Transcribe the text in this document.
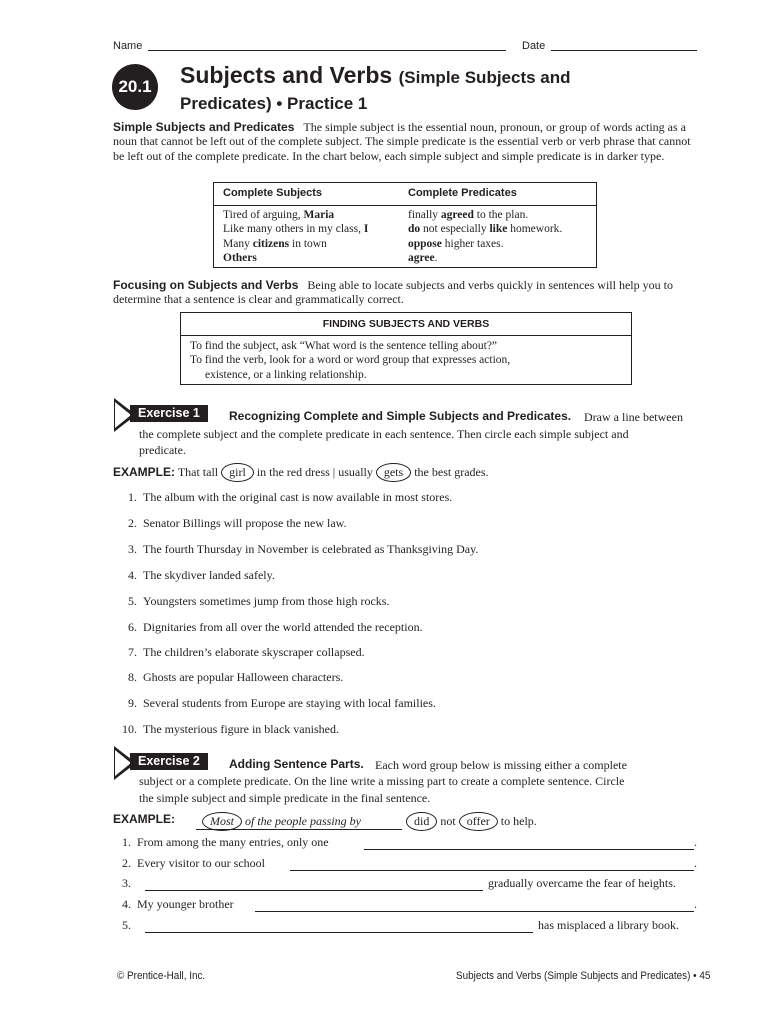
Name	Date
20.1 Subjects and Verbs (Simple Subjects and
Predicates) • Practice 1
Simple Subjects and Predicates The simple subject is the essential noun, pronoun, or group of words acting as a noun that cannot be left out of the complete subject. The simple predicate is the essential verb or verb phrase that cannot be left out of the complete predicate. In the chart below, each simple subject and simple predicate is in darker type.
Complete Subjects	Complete Predicates
Tired of arguing, Maria	finally agreed to the plan.
Like many others in my class, I	do not especially like homework.
Many citizens in town	oppose higher taxes.
Others	agree.
Focusing on Subjects and Verbs Being able to locate subjects and verbs quickly in sentences will help you to determine that a sentence is clear and grammatically correct.
FINDING SUBJECTS AND VERBS
To find the subject, ask “What word is the sentence telling about?”
To find the verb, look for a word or word group that expresses action,
existence, or a linking relationship.
Exercise 1	Recognizing Complete and Simple Subjects and Predicates. Draw a line between
the complete subject and the complete predicate in each sentence. Then circle each simple subject and
predicate.
EXAMPLE: That tall girl in the red dress | usually gets the best grades.
1. The album with the original cast is now available in most stores.
2. Senator Billings will propose the new law.
3. The fourth Thursday in November is celebrated as Thanksgiving Day.
4. The skydiver landed safely.
5. Youngsters sometimes jump from those high rocks.
6. Dignitaries from all over the world attended the reception.
7. The children’s elaborate skyscraper collapsed.
8. Ghosts are popular Halloween characters.
9. Several students from Europe are staying with local families.
10. The mysterious figure in black vanished.
Exercise 2	Adding Sentence Parts. Each word group below is missing either a complete
subject or a complete predicate. On the line write a missing part to create a complete sentence. Circle
the simple subject and simple predicate in the final sentence.
EXAMPLE:	Most of the people passing by	did not offer to help.
1. From among the many entries, only one	.
2. Every visitor to our school	.
3.	gradually overcame the fear of heights.
4. My younger brother	.
5.	has misplaced a library book.
© Prentice-Hall, Inc.	Subjects and Verbs (Simple Subjects and Predicates) • 45
